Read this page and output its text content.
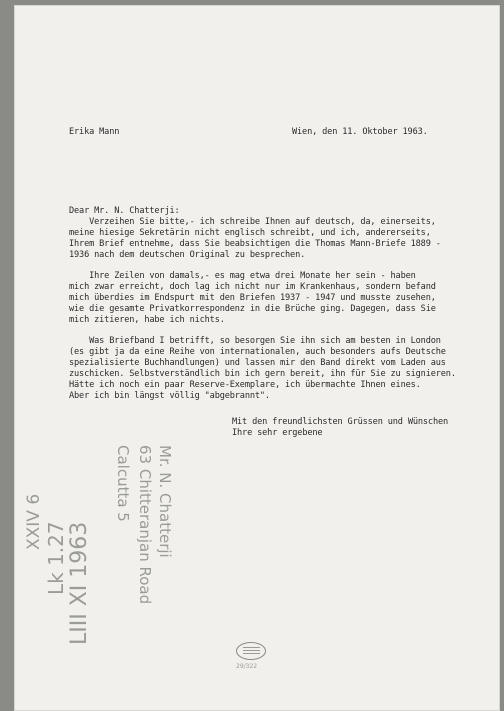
Erika Mann	Wien, den 11. Oktober 1963.
Dear Mr. N. Chatterji:
Verzeihen Sie bitte,- ich schreibe Ihnen auf deutsch, da, einerseits,
meine hiesige Sekretärin nicht englisch schreibt, und ich, andererseits,
Ihrem Brief entnehme, dass Sie beabsichtigen die Thomas Mann-Briefe 1889 -
1936 nach dem deutschen Original zu besprechen.
Ihre Zeilen von damals,- es mag etwa drei Monate her sein - haben
mich zwar erreicht, doch lag ich nicht nur im Krankenhaus, sondern befand
mich überdies im Endspurt mit den Briefen 1937 - 1947 und musste zusehen,
wie die gesamte Privatkorrespondenz in die Brüche ging. Dagegen, dass Sie
mich zitieren, habe ich nichts.
Was Briefband I betrifft, so besorgen Sie ihn sich am besten in London
(es gibt ja da eine Reihe von internationalen, auch besonders aufs Deutsche
spezialisierte Buchhandlungen) und lassen mir den Band direkt vom Laden aus
zuschicken. Selbstverständlich bin ich gern bereit, ihn für Sie zu signieren.
Hätte ich noch ein paar Reserve-Exemplare, ich übermachte Ihnen eines.
Aber ich bin längst völlig "abgebrannt".
Mit den freundlichsten Grüssen und Wünschen
Ihre sehr ergebene
Mr. N. Chatterji
63 Chitteranjan Road
Calcutta 5
XXIV 6 Lk 1.27 LIII XI 1963
29/322
